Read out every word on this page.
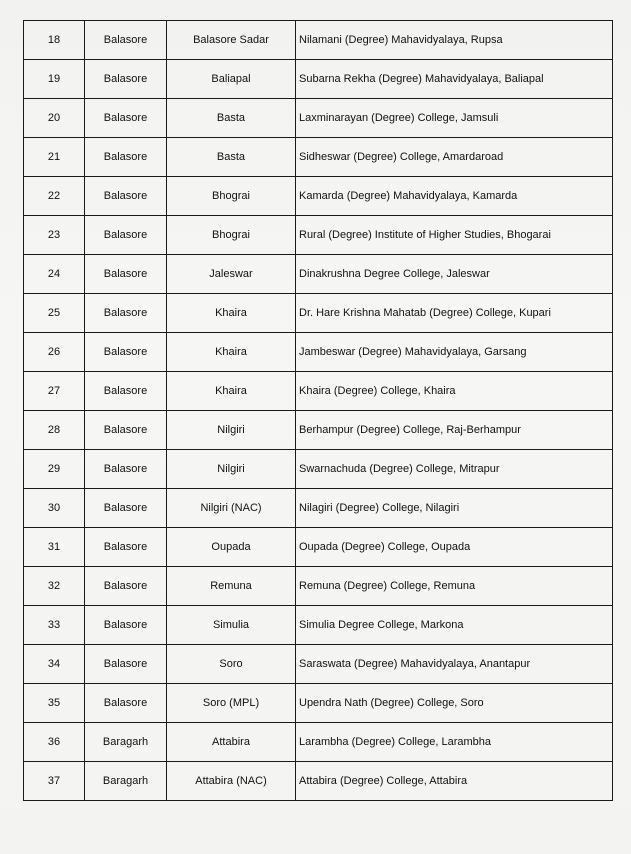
18	Balasore	Balasore Sadar	Nilamani (Degree) Mahavidyalaya, Rupsa
19	Balasore	Baliapal	Subarna Rekha (Degree) Mahavidyalaya, Baliapal
20	Balasore	Basta	Laxminarayan (Degree) College, Jamsuli
21	Balasore	Basta	Sidheswar (Degree) College, Amardaroad
22	Balasore	Bhograi	Kamarda (Degree) Mahavidyalaya, Kamarda
23	Balasore	Bhograi	Rural (Degree) Institute of Higher Studies, Bhogarai
24	Balasore	Jaleswar	Dinakrushna Degree College, Jaleswar
25	Balasore	Khaira	Dr. Hare Krishna Mahatab (Degree) College, Kupari
26	Balasore	Khaira	Jambeswar (Degree) Mahavidyalaya, Garsang
27	Balasore	Khaira	Khaira (Degree) College, Khaira
28	Balasore	Nilgiri	Berhampur (Degree) College, Raj-Berhampur
29	Balasore	Nilgiri	Swarnachuda (Degree) College, Mitrapur
30	Balasore	Nilgiri (NAC)	Nilagiri (Degree) College, Nilagiri
31	Balasore	Oupada	Oupada (Degree) College, Oupada
32	Balasore	Remuna	Remuna (Degree) College, Remuna
33	Balasore	Simulia	Simulia Degree College, Markona
34	Balasore	Soro	Saraswata (Degree) Mahavidyalaya, Anantapur
35	Balasore	Soro (MPL)	Upendra Nath (Degree) College, Soro
36	Baragarh	Attabira	Larambha (Degree) College, Larambha
37	Baragarh	Attabira (NAC)	Attabira (Degree) College, Attabira
